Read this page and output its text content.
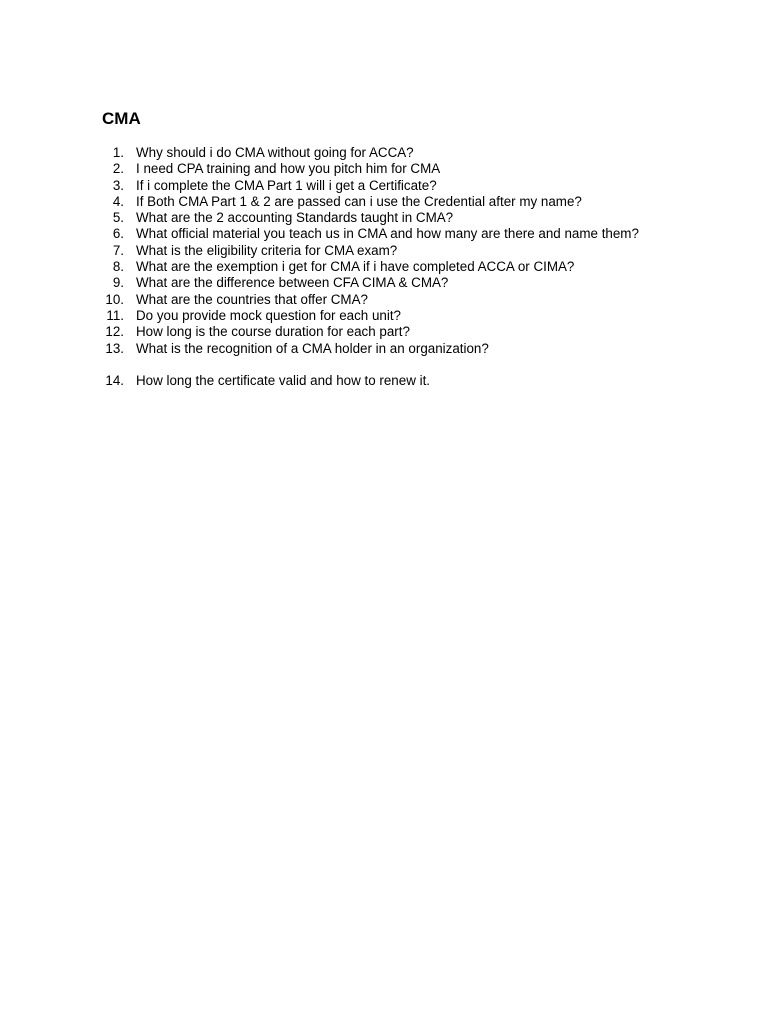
CMA
1. Why should i do CMA without going for ACCA?
2. I need CPA training and how you pitch him for CMA
3. If i complete the CMA Part 1 will i get a Certificate?
4. If Both CMA Part 1 & 2 are passed can i use the Credential after my name?
5. What are the 2 accounting Standards taught in CMA?
6. What official material you teach us in CMA and how many are there and name them?
7. What is the eligibility criteria for CMA exam?
8. What are the exemption i get for CMA if i have completed ACCA or CIMA?
9. What are the difference between CFA CIMA & CMA?
10. What are the countries that offer CMA?
11. Do you provide mock question for each unit?
12. How long is the course duration for each part?
13. What is the recognition of a CMA holder in an organization?
14. How long the certificate valid and how to renew it.
